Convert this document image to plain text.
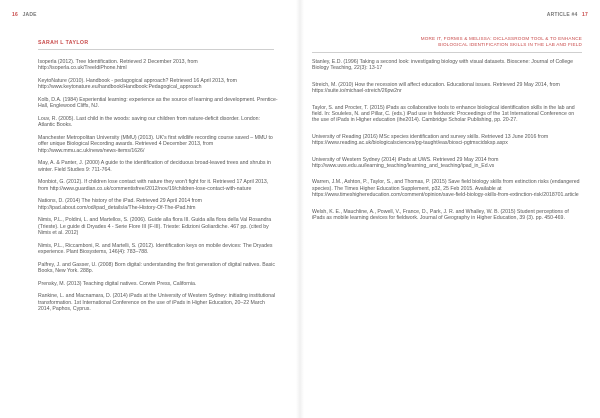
16 JADE
SARAH L TAYLOR

Isoperla (2012). Tree Identification. Retrieved 2 December 2013, from http://isoperla.co.uk/TreeIdiPhone.html

KeytoNature (2010). Handbook - pedagogical approach? Retrieved 16 April 2013, from http://www.keytonature.eu/handbook/Handbook:Pedagogical_approach

Kolb, D.A. (1984) Experiential learning: experience as the source of learning and development. Prentice-Hall, Englewood Cliffs, NJ.

Louv, R. (2005). Last child in the woods: saving our children from nature-deficit disorder. London: Atlantic Books.

Manchester Metropolitan University (MMU) (2013). UK's first wildlife recording course saved – MMU to offer unique Biological Recording awards. Retrieved 4 December 2013, from http://www.mmu.ac.uk/news/news-items/1626/

May, A. & Panter, J. (2000) A guide to the identification of deciduous broad-leaved trees and shrubs in winter. Field Studies 9: 711-764.

Monbiot, G. (2012). If children lose contact with nature they won't fight for it. Retrieved 17 April 2013, from http://www.guardian.co.uk/commentisfree/2012/nov/19/children-lose-contact-with-nature

Nations, D. (2014) The history of the iPad. Retrieved 29 April 2014 from http://ipad.about.com/od/ipad_details/a/The-History-Of-The-iPad.htm

Nimis, P.L., Poldini, L. and Martellos, S. (2006). Guide alla flora III. Guida alla flora della Val Rosandra (Trieste). Le guide di Dryades 4 - Serie Flore III (F-III). Trieste: Edizioni Goliardiche. 467 pp. (cited by Nimis et al. 2012)

Nimis, P.L., Riccamboni, R. and Martelli, S. (2012). Identification keys on mobile devices: The Dryades experience. Plant Biosystems, 146(4): 783–788.

Palfrey, J. and Gasser, U. (2008) Born digital: understanding the first generation of digital natives. Basic Books, New York. 288p.

Prensky, M. (2013) Teaching digital natives. Corwin Press, California.

Rankine, L. and Macnamara, D. (2014) iPads at the University of Western Sydney: initiating institutional transformation. 1st International Conference on the use of iPads in Higher Education, 20–22 March 2014, Paphos, Cyprus.

ARTICLE #4 17
MORE IT, FORMIS & MELISSA: DICLASSROOM TOOL & TO ENHANCE BIOLOGICAL IDENTIFICATION SKILLS IN THE LAB AND FIELD

Stanley, E.D. (1996) Taking a second look: investigating biology with visual datasets. Bioscene: Journal of College Biology Teaching, 22(3): 13-17

Streich, M. (2010) How the recession will affect education. Educational issues. Retrieved 29 May 2014, from https://suite.io/michael-streich/26pw2nr

Taylor, S. and Procter, T. (2015) iPads as collaborative tools to enhance biological identification skills in the lab and field. In: Souleles, N. and Pillar, C. (eds.) iPad use in fieldwork: Proceedings of the 1st International Conference on the use of iPads in Higher education (ihe2014). Cambridge Scholar Publishing, pp. 20-27.

University of Reading (2016) MSc species identification and survey skills. Retrieved 13 June 2016 from https://www.reading.ac.uk/biologicalsciences/pg-taught/eas/biosci-pgtmscidsksp.aspx

University of Western Sydney (2014) iPads at UWS. Retrieved 29 May 2014 from http://www.uws.edu.au/learning_teaching/learning_and_teaching/ipad_in_Ed.vs

Warren, J.M., Ashton, P., Taylor, S., and Thomas, P. (2015) Save field biology skills from extinction risks (endangered species). The Times Higher Education Supplement, p32, 25 Feb 2015. Available at https://www.timeshighereducation.com/comment/opinion/save-field-biology-skills-from-extinction-risk/2018701.article

Welsh, K. E., Mauchline, A., Powell, V., France, D., Park, J. R. and Whalley, W. B. (2015) Student perceptions of iPads as mobile learning devices for fieldwork. Journal of Geography in Higher Education, 39 (3). pp. 450-469.
